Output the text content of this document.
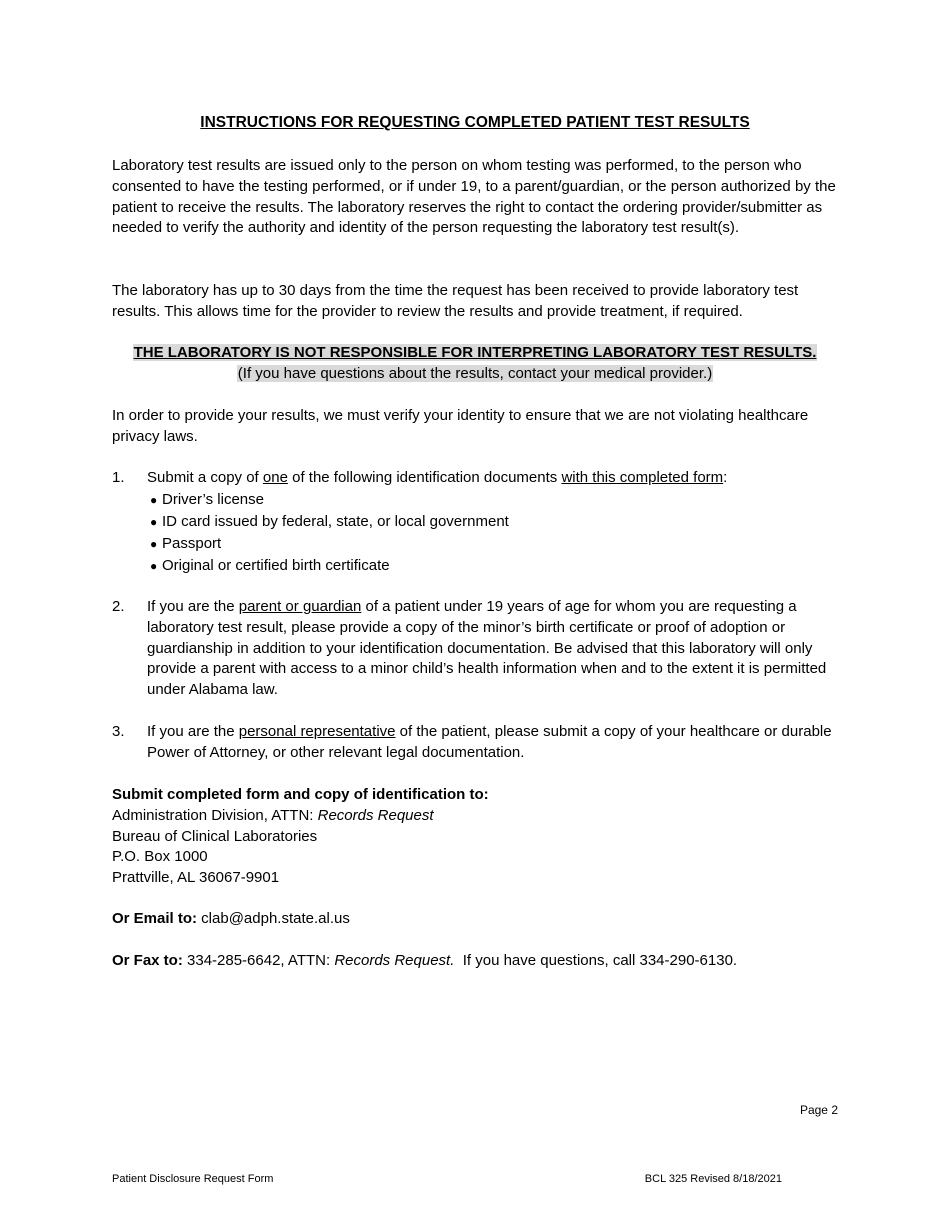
INSTRUCTIONS FOR REQUESTING COMPLETED PATIENT TEST RESULTS
Laboratory test results are issued only to the person on whom testing was performed, to the person who consented to have the testing performed, or if under 19, to a parent/guardian, or the person authorized by the patient to receive the results. The laboratory reserves the right to contact the ordering provider/submitter as needed to verify the authority and identity of the person requesting the laboratory test result(s).
The laboratory has up to 30 days from the time the request has been received to provide laboratory test results. This allows time for the provider to review the results and provide treatment, if required.
THE LABORATORY IS NOT RESPONSIBLE FOR INTERPRETING LABORATORY TEST RESULTS.
(If you have questions about the results, contact your medical provider.)
In order to provide your results, we must verify your identity to ensure that we are not violating healthcare privacy laws.
1. Submit a copy of one of the following identification documents with this completed form:
● Driver’s license
● ID card issued by federal, state, or local government
● Passport
● Original or certified birth certificate
2. If you are the parent or guardian of a patient under 19 years of age for whom you are requesting a laboratory test result, please provide a copy of the minor’s birth certificate or proof of adoption or guardianship in addition to your identification documentation. Be advised that this laboratory will only provide a parent with access to a minor child’s health information when and to the extent it is permitted under Alabama law.
3. If you are the personal representative of the patient, please submit a copy of your healthcare or durable Power of Attorney, or other relevant legal documentation.
Submit completed form and copy of identification to:
Administration Division, ATTN: Records Request
Bureau of Clinical Laboratories
P.O. Box 1000
Prattville, AL 36067-9901
Or Email to: clab@adph.state.al.us
Or Fax to: 334-285-6642, ATTN: Records Request.  If you have questions, call 334-290-6130.
Page 2
Patient Disclosure Request Form	BCL 325 Revised 8/18/2021
